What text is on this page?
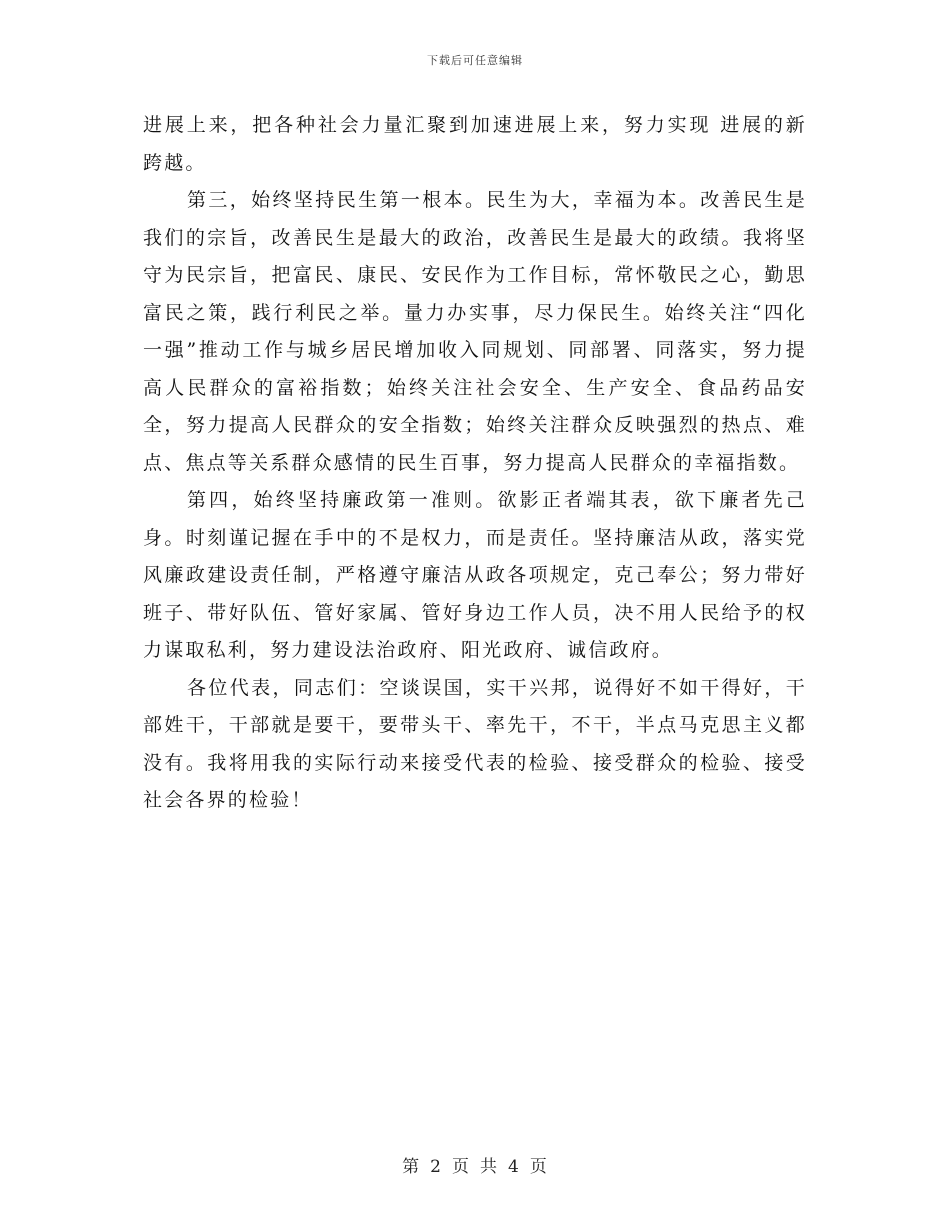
下载后可任意编辑

进展上来，把各种社会力量汇聚到加速进展上来，努力实现 进展的新跨越。

第三，始终坚持民生第一根本。民生为大，幸福为本。改善民生是我们的宗旨，改善民生是最大的政治，改善民生是最大的政绩。我将坚守为民宗旨，把富民、康民、安民作为工作目标，常怀敬民之心，勤思富民之策，践行利民之举。量力办实事，尽力保民生。始终关注“四化一强”推动工作与城乡居民增加收入同规划、同部署、同落实，努力提高人民群众的富裕指数；始终关注社会安全、生产安全、食品药品安全，努力提高人民群众的安全指数；始终关注群众反映强烈的热点、难点、焦点等关系群众感情的民生百事，努力提高人民群众的幸福指数。

第四，始终坚持廉政第一准则。欲影正者端其表，欲下廉者先己身。时刻谨记握在手中的不是权力，而是责任。坚持廉洁从政，落实党风廉政建设责任制，严格遵守廉洁从政各项规定，克己奉公；努力带好班子、带好队伍、管好家属、管好身边工作人员，决不用人民给予的权力谋取私利，努力建设法治政府、阳光政府、诚信政府。

各位代表，同志们：空谈误国，实干兴邦，说得好不如干得好，干部姓干，干部就是要干，要带头干、率先干，不干，半点马克思主义都没有。我将用我的实际行动来接受代表的检验、接受群众的检验、接受社会各界的检验！

第 2 页 共 4 页
